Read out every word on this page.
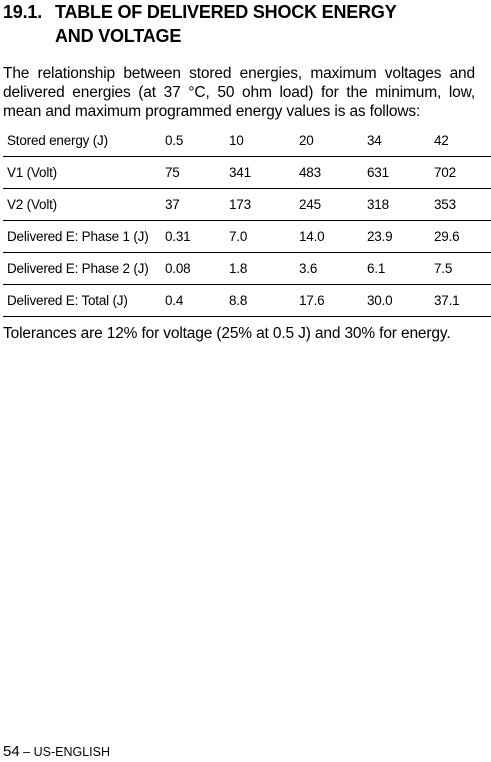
19.1. TABLE OF DELIVERED SHOCK ENERGY
AND VOLTAGE
The relationship between stored energies, maximum voltages and delivered energies (at 37 °C, 50 ohm load) for the minimum, low, mean and maximum programmed energy values is as follows:
Stored energy (J)	0.5	10	20	34	42
V1 (Volt)	75	341	483	631	702
V2 (Volt)	37	173	245	318	353
Delivered E: Phase 1 (J)	0.31	7.0	14.0	23.9	29.6
Delivered E: Phase 2 (J)	0.08	1.8	3.6	6.1	7.5
Delivered E: Total (J)	0.4	8.8	17.6	30.0	37.1
Tolerances are 12% for voltage (25% at 0.5 J) and 30% for energy.
54 – US-ENGLISH
